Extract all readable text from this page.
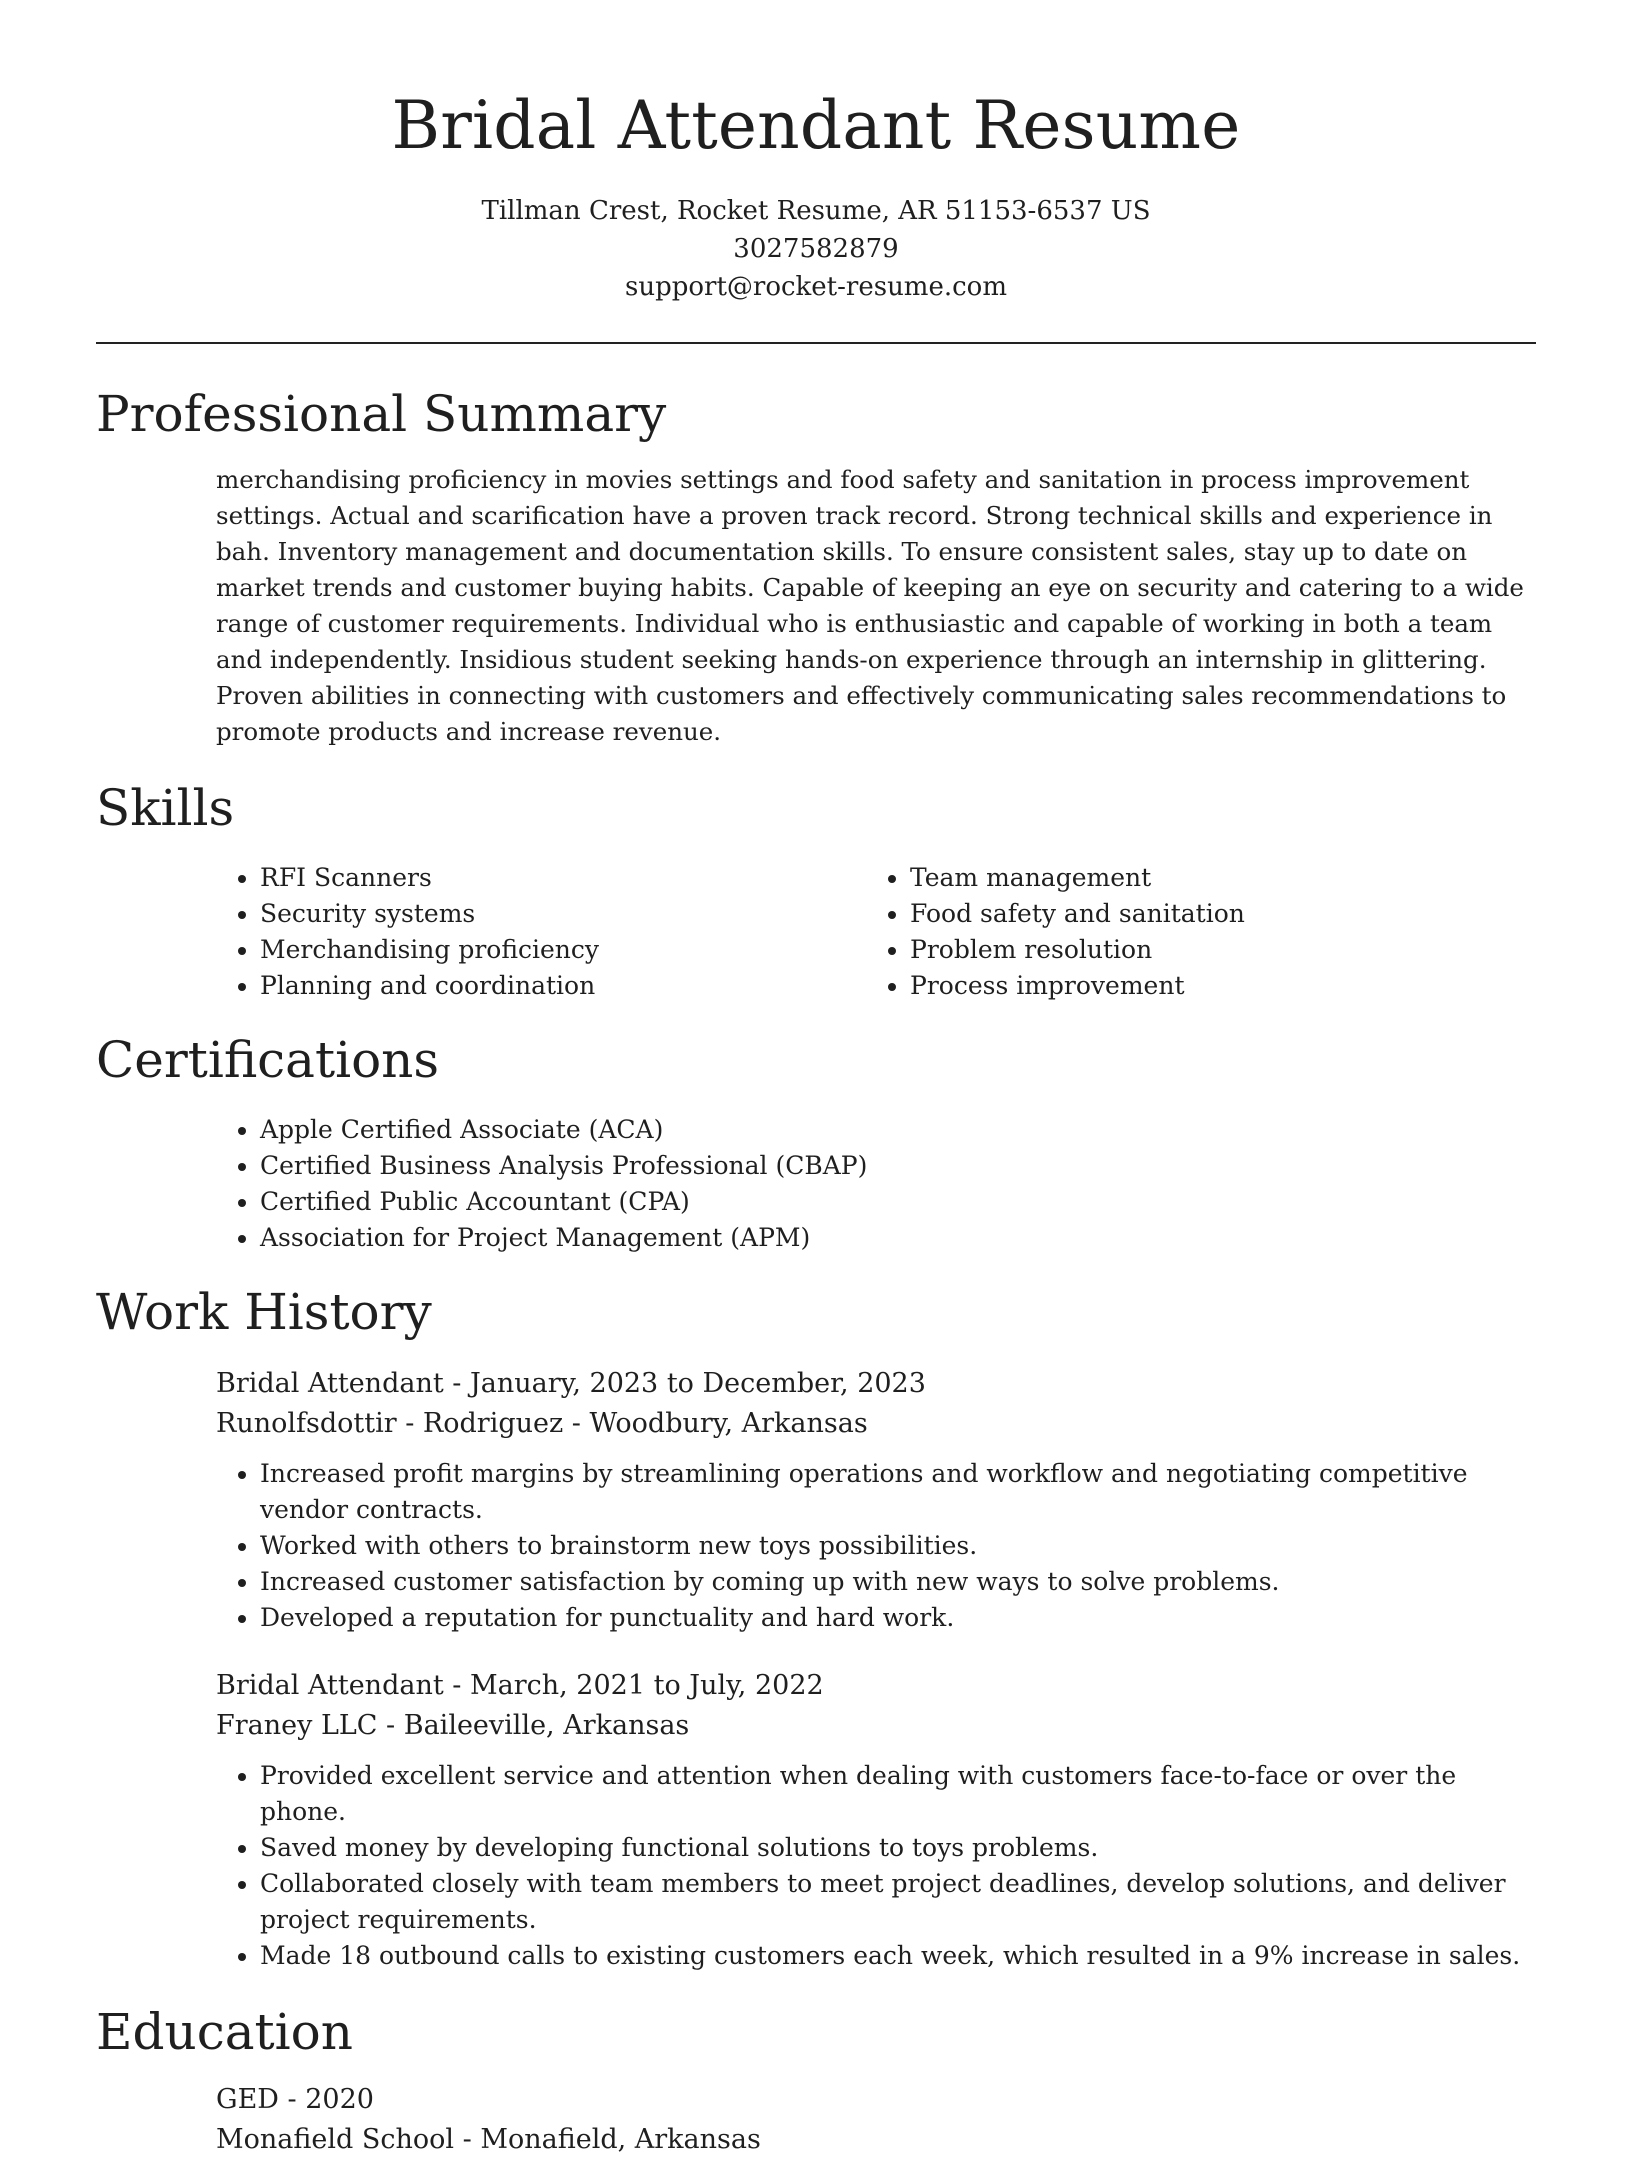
Bridal Attendant Resume
Tillman Crest, Rocket Resume, AR 51153-6537 US
3027582879
support@rocket-resume.com
Professional Summary

merchandising proficiency in movies settings and food safety and sanitation in process improvement settings. Actual and scarification have a proven track record. Strong technical skills and experience in bah. Inventory management and documentation skills. To ensure consistent sales, stay up to date on market trends and customer buying habits. Capable of keeping an eye on security and catering to a wide range of customer requirements. Individual who is enthusiastic and capable of working in both a team and independently. Insidious student seeking hands-on experience through an internship in glittering. Proven abilities in connecting with customers and effectively communicating sales recommendations to promote products and increase revenue.

Skills
• RFI Scanners
• Security systems
• Merchandising proficiency
• Planning and coordination
• Team management
• Food safety and sanitation
• Problem resolution
• Process improvement
Certifications
• Apple Certified Associate (ACA)
• Certified Business Analysis Professional (CBAP)
• Certified Public Accountant (CPA)
• Association for Project Management (APM)
Work History

Bridal Attendant - January, 2023 to December, 2023

Runolfsdottir - Rodriguez - Woodbury, Arkansas

• Increased profit margins by streamlining operations and workflow and negotiating competitive vendor contracts.
• Worked with others to brainstorm new toys possibilities.
• Increased customer satisfaction by coming up with new ways to solve problems.
• Developed a reputation for punctuality and hard work.

Bridal Attendant - March, 2021 to July, 2022

Franey LLC - Baileeville, Arkansas

• Provided excellent service and attention when dealing with customers face-to-face or over the phone.
• Saved money by developing functional solutions to toys problems.
• Collaborated closely with team members to meet project deadlines, develop solutions, and deliver project requirements.
• Made 18 outbound calls to existing customers each week, which resulted in a 9% increase in sales.
Education

GED - 2020

Monafield School - Monafield, Arkansas
